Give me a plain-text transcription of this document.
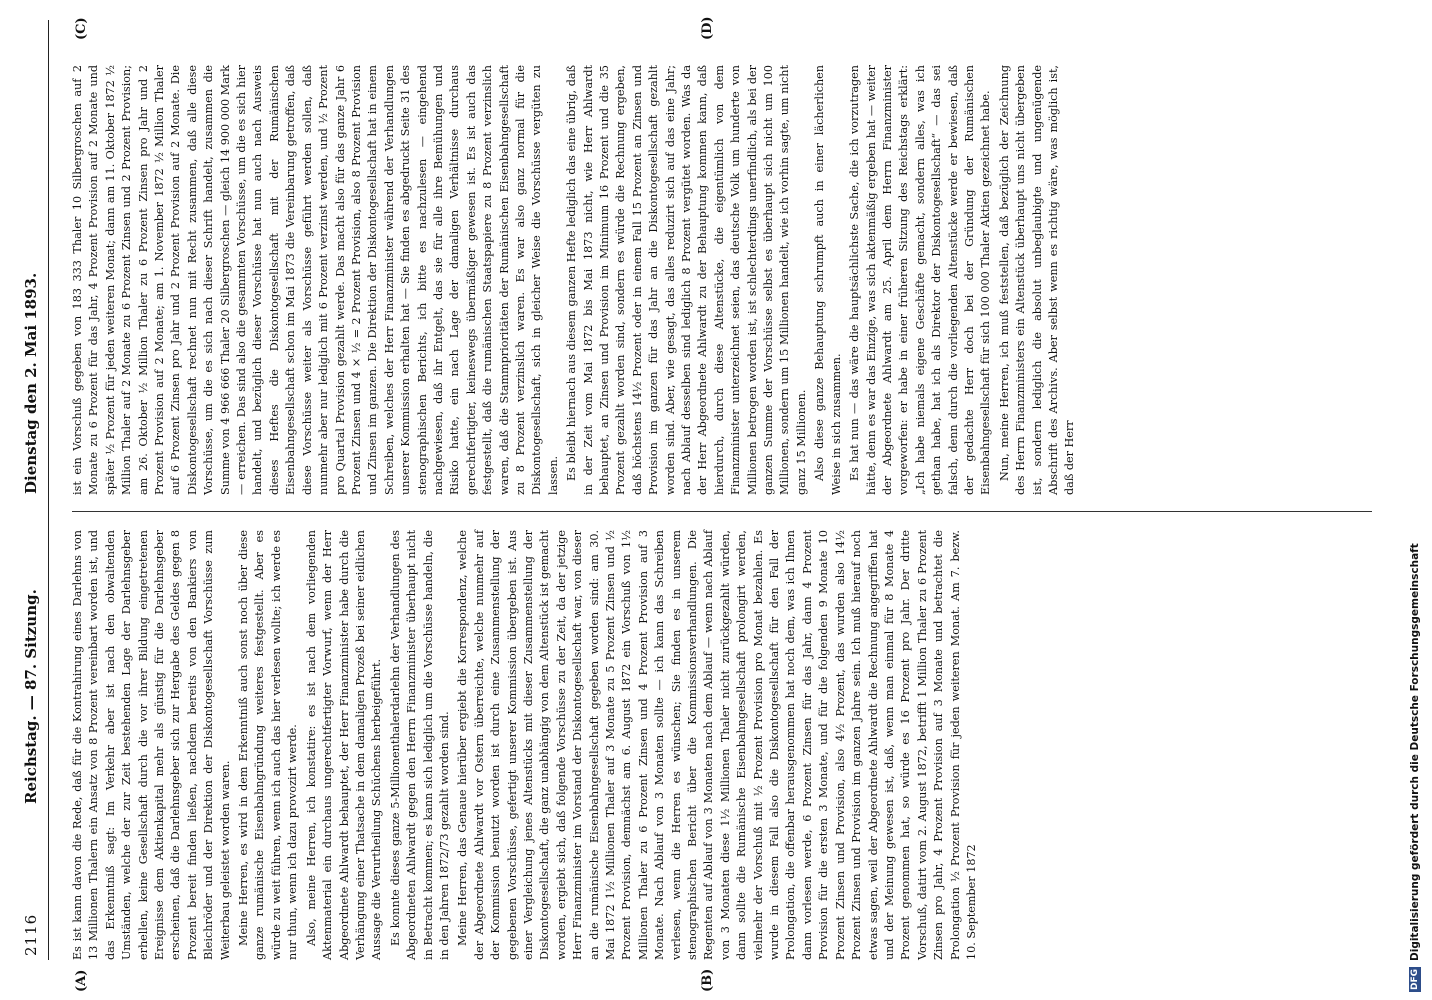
2116
Reichstag. — 87. Sitzung.
Dienstag den 2. Mai 1893.
(A)	(B)
(C)	(D)

Es ist kann davon die Rede, daß für die Kontrahirung eines Darlehns von 13 Millionen Thalern ein Ansatz von 8 Prozent vereinbart worden ist, und das Erkenntniß sagt: Im Verkehr aber ist nach den obwaltenden Umständen, welche der zur Zeit bestehenden Lage der Darlehnsgeber erhellen, keine Gesellschaft durch die vor ihrer Bildung eingetretenen Ereignisse dem Aktienkapital mehr als günstig für die Darlehnsgeber erscheinen, daß die Darlehnsgeber sich zur Hergabe des Geldes gegen 8 Prozent bereit finden ließen, nachdem bereits von den Bankiers von Bleichröder und der Direktion der Diskontogesellschaft Vorschüsse zum Weiterbau geleistet worden waren. Meine Herren, es wird in dem Erkenntniß auch sonst noch über diese ganze rumänische Eisenbahngründung weiteres festgestellt. Aber es würde zu weit führen, wenn ich auch das hier verlesen wollte; ich werde es nur thun, wenn ich dazu provozirt werde. Also, meine Herren, ich konstatire: es ist nach dem vorliegenden Aktenmaterial ein durchaus ungerechtfertigter Vorwurf, wenn der Herr Abgeordnete Ahlwardt behauptet, der Herr Finanzminister habe durch die Verhängung einer Thatsache in dem damaligen Prozeß bei seiner eidlichen Aussage die Verurtheilung Schüchens herbeigeführt. Es konnte dieses ganze 5-Millionenthalerdarlehn der Verhandlungen des Abgeordneten Ahlwardt gegen den Herrn Finanzminister überhaupt nicht in Betracht kommen; es kann sich lediglich um die Vorschüsse handeln, die in den Jahren 1872/73 gezahlt worden sind. Meine Herren, das Genaue hierüber ergiebt die Korrespondenz, welche der Abgeordnete Ahlwardt vor Ostern überreichte, welche nunmehr auf der Kommission benutzt worden ist durch eine Zusammenstellung der gegebenen Vorschüsse, gefertigt unserer Kommission übergeben ist. Aus einer Vergleichung jenes Altenstücks mit dieser Zusammenstellung der Diskontogesellschaft, die ganz unabhängig von dem Altenstück ist gemacht worden, ergiebt sich, daß folgende Vorschüsse zu der Zeit, da der jetzige Herr Finanzminister im Vorstand der Diskontogesellschaft war, von dieser an die rumänische Eisenbahngesellschaft gegeben worden sind: am 30. Mai 1872 1½ Millionen Thaler auf 3 Monate zu 5 Prozent Zinsen und ½ Prozent Provision, demnächst am 6. August 1872 ein Vorschuß von 1½ Millionen Thaler zu 6 Prozent Zinsen und 4 Prozent Provision auf 3 Monate. Nach Ablauf von 3 Monaten sollte — ich kann das Schreiben verlesen, wenn die Herren es wünschen; Sie finden es in unserem stenographischen Bericht über die Kommissionsverhandlungen. Die Regenten auf Ablauf von 3 Monaten nach dem Ablauf — wenn nach Ablauf von 3 Monaten diese 1½ Millionen Thaler nicht zurückgezahlt würden, dann sollte die Rumänische Eisenbahngesellschaft prolongirt werden, vielmehr der Vorschuß mit ½ Prozent Provision pro Monat bezahlen. Es wurde in diesem Fall also die Diskontogesellschaft für den Fall der Prolongation, die offenbar herausgenommen hat noch dem, was ich Ihnen dann vorlesen werde, 6 Prozent Zinsen für das Jahr, dann 4 Prozent Provision für die ersten 3 Monate, und für die folgenden 9 Monate 10 Prozent Zinsen und Provision, also 4½ Prozent, das wurden also 14½ Prozent Zinsen und Provision im ganzen Jahre sein. Ich muß hierauf noch etwas sagen, weil der Abgeordnete Ahlwardt die Rechnung angegriffen hat und der Meinung gewesen ist, daß, wenn man einmal für 8 Monate 4 Prozent genommen hat, so würde es 16 Prozent pro Jahr. Der dritte Vorschuß, datirt vom 2. August 1872, betrifft 1 Million Thaler zu 6 Prozent Zinsen pro Jahr, 4 Prozent Provision auf 3 Monate und betrachtet die Prolongation ½ Prozent Provision für jeden weiteren Monat. Am 7. bezw. 10. September 1872

ist ein Vorschuß gegeben von 183 333 Thaler 10 Silbergroschen auf 2 Monate zu 6 Prozent für das Jahr, 4 Prozent Provision auf 2 Monate und später ½ Prozent für jeden weiteren Monat; dann am 11. Oktober 1872 ½ Million Thaler auf 2 Monate zu 6 Prozent Zinsen und 2 Prozent Provision; am 26. Oktober ½ Million Thaler zu 6 Prozent Zinsen pro Jahr und 2 Prozent Provision auf 2 Monate; am 1. November 1872 ½ Million Thaler auf 6 Prozent Zinsen pro Jahr und 2 Prozent Provision auf 2 Monate. Die Diskontogesellschaft rechnet nun mit Recht zusammen, daß alle diese Vorschüsse, um die es sich nach dieser Schrift handelt, zusammen die Summe von 4 966 666 Thaler 20 Silbergroschen — gleich 14 900 000 Mark — erreichen. Das sind also die gesammten Vorschüsse, um die es sich hier handelt, und bezüglich dieser Vorschüsse hat nun auch nach Ausweis dieses Heftes die Diskontogesellschaft mit der Rumänischen Eisenbahngesellschaft schon im Mai 1873 die Vereinbarung getroffen, daß diese Vorschüsse weiter als Vorschüsse geführt werden sollen, daß nunmehr aber nur lediglich mit 6 Prozent verzinst werden, und ½ Prozent pro Quartal Provision gezahlt werde. Das macht also für das ganze Jahr 6 Prozent Zinsen und 4 × ½ = 2 Prozent Provision, also 8 Prozent Provision und Zinsen im ganzen. Die Direktion der Diskontogesellschaft hat in einem Schreiben, welches der Herr Finanzminister während der Verhandlungen unserer Kommission erhalten hat — Sie finden es abgedruckt Seite 31 des stenographischen Berichts, ich bitte es nachzulesen — eingehend nachgewiesen, daß ihr Entgelt, das sie für alle ihre Bemühungen und Risiko hatte, ein nach Lage der damaligen Verhältnisse durchaus gerechtfertigter, keineswegs übermäßiger gewesen ist. Es ist auch das festgestellt, daß die rumänischen Staatspapiere zu 8 Prozent verzinslich waren, daß die Stammprioritäten der Rumänischen Eisenbahngesellschaft zu 8 Prozent verzinslich waren. Es war also ganz normal für die Diskontogesellschaft, sich in gleicher Weise die Vorschüsse vergüten zu lassen. Es bleibt hiernach aus diesem ganzen Hefte lediglich das eine übrig, daß in der Zeit vom Mai 1872 bis Mai 1873 nicht, wie Herr Ahlwardt behauptet, an Zinsen und Provision im Minimum 16 Prozent und die 35 Prozent gezahlt worden sind, sondern es würde die Rechnung ergeben, daß höchstens 14½ Prozent oder in einem Fall 15 Prozent an Zinsen und Provision im ganzen für das Jahr an die Diskontogesellschaft gezahlt worden sind. Aber, wie gesagt, das alles reduzirt sich auf das eine Jahr; nach Ablauf desselben sind lediglich 8 Prozent vergütet worden. Was da der Herr Abgeordnete Ahlwardt zu der Behauptung kommen kann, daß hierdurch, durch diese Altenstücke, die eigentümlich von dem Finanzminister unterzeichnet seien, das deutsche Volk um hunderte von Millionen betrogen worden ist, ist schlechterdings unerfindlich, als bei der ganzen Summe der Vorschüsse selbst es überhaupt sich nicht um 100 Millionen, sondern um 15 Millionen handelt, wie ich vorhin sagte, um nicht ganz 15 Millionen. Also diese ganze Behauptung schrumpft auch in einer lächerlichen Weise in sich zusammen. Es hat nun — das wäre die hauptsächlichste Sache, die ich vorzutragen hätte, denn es war das Einzige, was sich aktenmäßig ergeben hat — weiter der Abgeordnete Ahlwardt am 25. April dem Herrn Finanzminister vorgeworfen: er habe in einer früheren Sitzung des Reichstags erklärt: „Ich habe niemals eigene Geschäfte gemacht, sondern alles, was ich gethan habe, hat ich als Direktor der Diskontogesellschaft“ — das sei falsch, denn durch die vorliegenden Altenstücke werde er bewiesen, daß der gedachte Herr doch bei der Gründung der Rumänischen Eisenbahngesellschaft für sich 100 000 Thaler Aktien gezeichnet habe. Nun, meine Herren, ich muß feststellen, daß bezüglich der Zeichnung des Herrn Finanzministers ein Altenstück überhaupt uns nicht übergeben ist, sondern lediglich die absolut unbeglaubigte und ungenügende Abschrift des Archivs. Aber selbst wenn es richtig wäre, was möglich ist, daß der Herr

DFG
Digitalisierung gefördert durch die Deutsche Forschungsgemeinschaft
